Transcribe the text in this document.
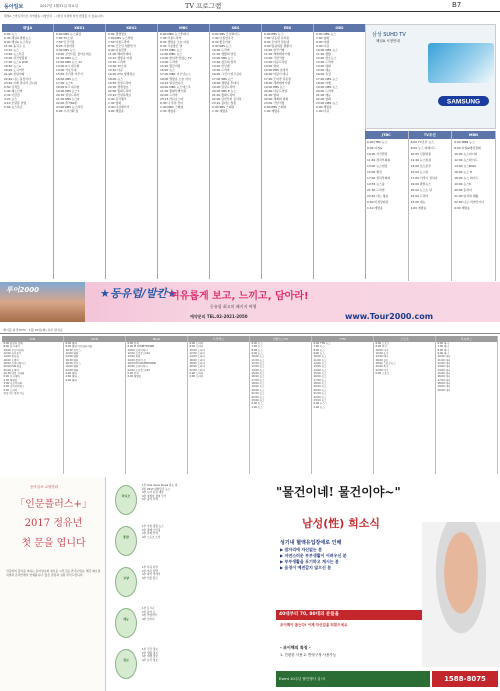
동아일보	2017년 1월31일 화요일	TV 프로그램	B7
채널A 스마트라이브 지역방송 시청안내 … (편성 사정에 따라 변경될 수 있습니다)
채널A
6:00 뉴스
6:30 채널A 종합뉴스
8:00 채널A 뉴스특보
11:00 돌직구 쇼
12:10 뉴스
13:00 뉴스특급
15:00 사건상황실
17:00 뉴스A LIVE
18:50 뉴스A
20:00 도시어부
21:00 천일야화
22:40 나는 몸신이다
23:50 이제 만나러 갑니다
0:50 강적들
1:40 쾌도난마
2:30 이만갑
3:20 뉴스
4:10 모란봉 클럽
5:00 뉴스특급
KBS1
6:00 KBS 뉴스광장
7:00 TV소설
7:50 인간극장
8:25 아침마당
9:30 KBS 뉴스
10:00 무엇이든 물어보세요
11:00 KBS 뉴스
12:00 KBS 뉴스 12
13:00 6시 내고향
14:00 가요무대
15:00 우리말 겨루기
16:00 KBS 뉴스
17:00 뉴스5
18:00 6시 내고향
19:00 KBS 뉴스7
20:30 일일드라마
21:00 KBS 뉴스9
22:00 추적60분
23:00 KBS 뉴스라인
0:00 시사기획 창
KBS2
6:00 생생정보
7:00 KBS 뉴스타임
7:50 아침드라마
8:30 굿모닝 대한민국
9:40 여유만만
11:00 해피투게더
12:10 생방송 아침
13:30 드라마
14:30 TV소설
15:30 다큐
16:30 2TV 생생정보
18:00 뉴스
19:50 일일드라마
20:30 생생정보
22:00 월화드라마
23:10 안녕하세요
0:30 뮤직뱅크
1:30 영화
2:40 다큐멘터리
4:00 재방송
MBC
6:00 MBC 뉴스투데이
7:45 아침드라마
8:30 생방송 오늘 아침
9:30 기분좋은 날
10:55 MBC 뉴스
12:00 MBC 뉴스
13:00 찾아라 맛있는 TV
14:00 드라마
15:00 황금어장
16:00 뉴스
17:00 MBC 이브닝뉴스
18:00 생방송 오늘 저녁
19:15 일일연속극
20:00 MBC 뉴스데스크
21:00 월화특별기획
22:00 드라마
23:15 라디오스타
0:30 나 혼자 산다
1:40 MBC 스페셜
2:30 재방송
SBS
6:00 SBS 모닝와이드
7:40 아침연속극
8:30 좋은아침
9:30 SBS 뉴스
10:00 드라마
11:00 생활의 달인
12:00 SBS 뉴스
13:00 정글의 법칙
14:00 런닝맨
15:00 드라마
16:00 그것이 알고싶다
17:00 SBS 뉴스
18:00 생방송 투데이
19:00 일일드라마
20:00 SBS 8 뉴스
21:00 월화드라마
22:00 낭만닥터 김사부
23:10 불타는 청춘
0:30 SBS 스페셜
1:30 재방송
EBS
6:00 EBS 뉴스
7:00 딩동댕 유치원
8:00 모여라 딩동댕
9:00 방귀대장 뿡뿡이
10:00 한국기행
11:00 세계테마기행
12:00 극한직업
13:00 다큐프라임
14:00 명의
15:00 EBS 초대석
16:00 어린이 애니
17:00 모여라 딩동댕
18:00 세계테마기행
19:00 EBS 뉴스
20:00 다큐프라임
21:00 명의
22:00 세계의 명화
23:00 극한직업
0:00 EBS 스페셜
1:00 재방송
OBS
6:00 OBS 뉴스
7:00 영화
8:00 여행
9:00 다큐
10:00 OBS 뉴스
11:00 생활
12:00 정오뉴스
13:00 드라마
14:00 영화
15:00 예능
16:00 특집
17:00 OBS 뉴스
18:00 여행
19:00 OBS 뉴스
20:00 드라마
21:00 예능
22:00 영화
23:00 OBS 뉴스
0:00 재방송
1:00 다큐
삼성 SUHD TV
채널A 시청안내
SAMSUNG
JTBC
6:00 JTBC 뉴스
8:00 아침&
10:00 사건반장
11:40 정치부회의
13:00 뉴스현장
15:00 썰전
17:00 정치부회의
19:55 뉴스룸
21:30 드라마
22:50 아는 형님
0:00 비정상회담
1:10 재방송
TV조선
6:00 TV조선 뉴스
8:00 뉴스 퍼레이드
10:00 신통방통
11:40 뉴스현장
13:00 보도본부
15:00 뉴스판
17:00 이것이 정치다
19:00 종합뉴스
20:00 뉴스쇼 판
22:00 드라마
23:00 예능
1:00 재방송
MBN
6:00 MBN 뉴스
8:00 아침&매일경제
10:00 뉴스파이터
12:00 뉴스와이드
14:00 뉴스BIG5
16:00 뉴스 8
18:00 뉴스 와이드
19:00 뉴스8
20:00 동치미
21:00 엄지의 제왕
22:00 나는 자연인이다
0:00 재방송
투어2000	★동유럽/발칸★
여유롭게 보고, 느끼고, 담아라!
동유럽 최고의 패키지 여행
예약문의 TEL.02-2021-2050	www.Tour2000.com
케이블·위성·IPTV · 1월 31일(화) 하루 편성표
tvN
6:00 꽃보다 할배
8:00 삼시세끼
10:00 수요미식회
12:00 신서유기
14:00 윤식당
16:00 도깨비
18:00 코미디빅리그
20:00 tvN 특집
21:00 도깨비
22:30 내일 그대와
0:00 삼시세끼
1:30 재방송
3:00 수요미식회
4:30 코미디빅리그
5:30 드라마
편성시간 변경 가능
OCN
6:00 영화
8:00 영화 미션임파서블
10:30 보이스
12:00 영화
14:00 영화
16:30 영화
18:30 보이스
20:00 영화
22:00 영화
0:00 영화
2:00 영화
4:00 영화
Mnet
6:00 뮤직
8:00 M COUNTDOWN
10:00 쇼미더머니
12:00 프로듀스101
14:00 뮤직
16:00 음악의 신
18:00 M COUNTDOWN
20:00 쇼미더머니
22:00 프로듀스101
0:00 뮤직
2:00 재방송
드라맥스
6:00 드라마
8:00 드라마
10:00 드라마
12:00 드라마
14:00 드라마
16:00 드라마
18:00 드라마
20:00 드라마
22:00 드라마
0:00 드라마
2:00 드라마
연합뉴스TV
6:00 뉴스
7:00 뉴스
8:00 뉴스
9:00 뉴스
10:00 뉴스
11:00 뉴스
12:00 뉴스
13:00 뉴스
14:00 뉴스
15:00 뉴스
16:00 뉴스
17:00 뉴스
18:00 뉴스
19:00 뉴스
20:00 뉴스
21:00 뉴스
22:00 뉴스
23:00 뉴스
0:00 뉴스
1:00 뉴스
YTN
6:00 YTN 뉴스
7:00 뉴스
8:00 뉴스
9:00 뉴스
10:00 뉴스
11:00 뉴스
12:00 뉴스
13:00 뉴스
14:00 뉴스
15:00 뉴스
16:00 뉴스
17:00 뉴스
18:00 뉴스
19:00 뉴스
20:00 뉴스
21:00 뉴스
22:00 뉴스
23:00 뉴스
0:00 뉴스
1:00 뉴스
스포츠
6:00 스포츠
8:00 축구
10:00 야구
12:00 농구
14:00 배구
16:00 골프
18:00 스포츠뉴스
20:00 축구
22:00 야구
0:00 스포츠
투니버스
6:00 애니
7:00 애니
8:00 애니
9:00 애니
10:00 애니
11:00 애니
12:00 애니
13:00 애니
14:00 애니
15:00 애니
16:00 애니
17:00 애니
18:00 애니
19:00 애니
20:00 애니
동아일보 교양만화
「인문플러스+」
2017 정유년
첫 문을 엽니다
인문학의 깊이를 더하는 동아일보의 새로운 시리즈를 만나보세요. 매주 화요일 지면과 온라인에서 연재됩니다. 많은 관심과 성원 부탁드립니다.
라디오
1부 One Voice Korea 하는 날
2부 2017 대한민국 뉴스
3부 시사 특집 대담
4부 청취자 참여 코너
5부 음악 산책
종합
1부 아침 종합 뉴스
2부 경제 브리핑
3부 문화 산책
4부 스포츠 소식
교양
1부 다큐 특선
2부 역사 탐방
3부 과학 이야기
4부 인물 탐구
예능
1부 토크쇼
2부 음악 쇼
3부 리얼리티
4부 코미디
정보
1부 건강 정보
2부 생활 정보
3부 여행 정보
4부 요리 정보
"물건이네! 물건이야~"
남성(性) 희소식
성기내 혈액유입장애로 인해
▶ 잠자리에 자신없는 분
▶ 자연스러운 부부생활이 어려우신 분
▶ 부부생활을 포기하고 계시는 분
▶ 음경이 예전같지 않으신 분
40대부터 70, 80대의 분들을
조이맥이 돕는다! 이제 자신감을 되찾으세요
- 조이맥의 특징 -
1. 간편한 사용 2. 반영구적 사용가능
Event 10주년 할인행사 실시!	1588-8075
